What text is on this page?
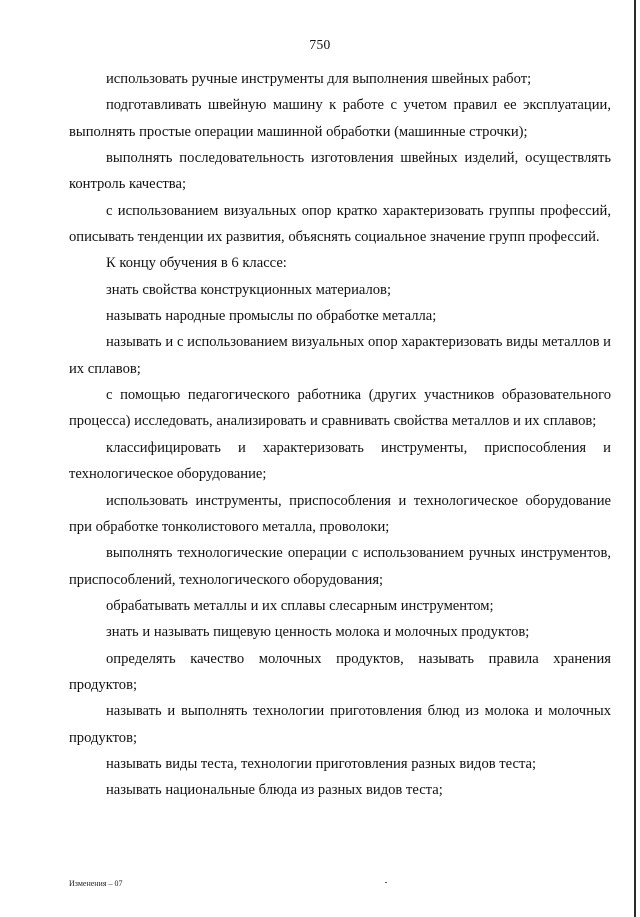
750

использовать ручные инструменты для выполнения швейных работ;

подготавливать швейную машину к работе с учетом правил ее эксплуатации, выполнять простые операции машинной обработки (машинные строчки);

выполнять последовательность изготовления швейных изделий, осуществлять контроль качества;

с использованием визуальных опор кратко характеризовать группы профессий, описывать тенденции их развития, объяснять социальное значение групп профессий.

К концу обучения в 6 классе:

знать свойства конструкционных материалов;

называть народные промыслы по обработке металла;

называть и с использованием визуальных опор характеризовать виды металлов и их сплавов;

с помощью педагогического работника (других участников образовательного процесса) исследовать, анализировать и сравнивать свойства металлов и их сплавов;

классифицировать и характеризовать инструменты, приспособления и технологическое оборудование;

использовать инструменты, приспособления и технологическое оборудование при обработке тонколистового металла, проволоки;

выполнять технологические операции с использованием ручных инструментов, приспособлений, технологического оборудования;

обрабатывать металлы и их сплавы слесарным инструментом;

знать и называть пищевую ценность молока и молочных продуктов;

определять качество молочных продуктов, называть правила хранения продуктов;

называть и выполнять технологии приготовления блюд из молока и молочных продуктов;

называть виды теста, технологии приготовления разных видов теста;

называть национальные блюда из разных видов теста;

Изменения – 07
